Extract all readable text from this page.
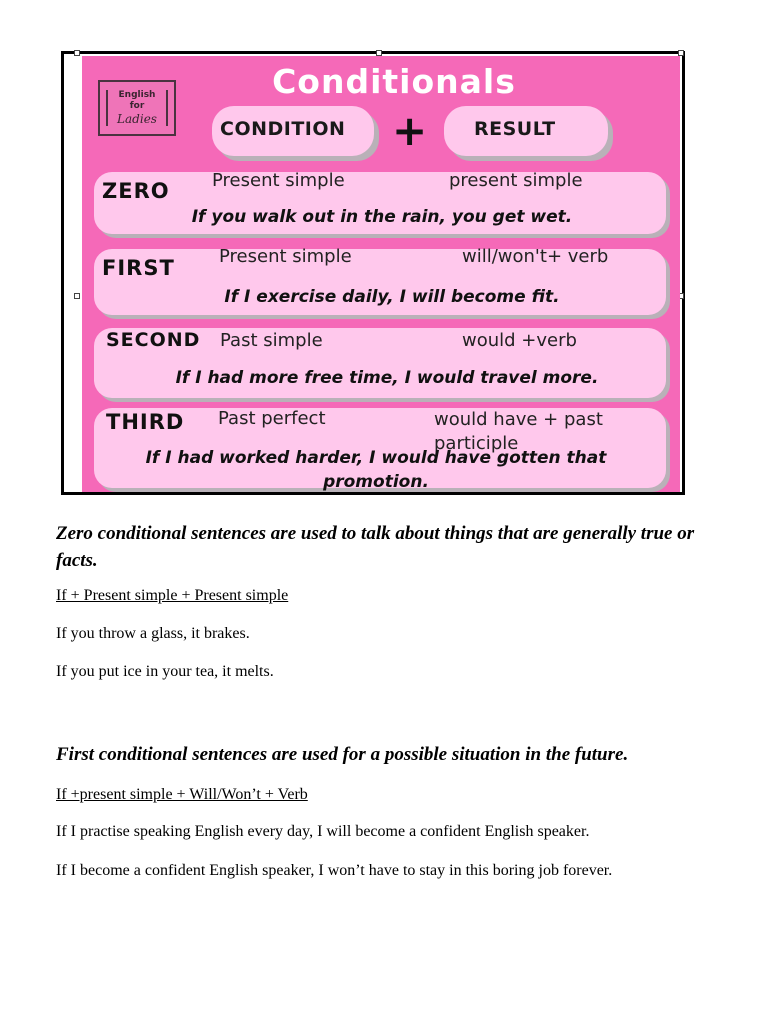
Conditionals
English
for
Ladies	CONDITION + RESULT
ZERO Present simple	present simple
If you walk out in the rain, you get wet.
FIRST Present simple	will/won't+ verb
If I exercise daily, I will become fit.
SECOND Past simple	would +verb
If I had more free time, I would travel more.
THIRD Past perfect	would have + past participle
If I had worked harder, I would have gotten that promotion.
Zero conditional sentences are used to talk about things that are generally true or facts.
If + Present simple + Present simple
If you throw a glass, it brakes.
If you put ice in your tea, it melts.
First conditional sentences are used for a possible situation in the future.
If +present simple + Will/Won’t + Verb
If I practise speaking English every day, I will become a confident English speaker.
If I become a confident English speaker, I won’t have to stay in this boring job forever.
